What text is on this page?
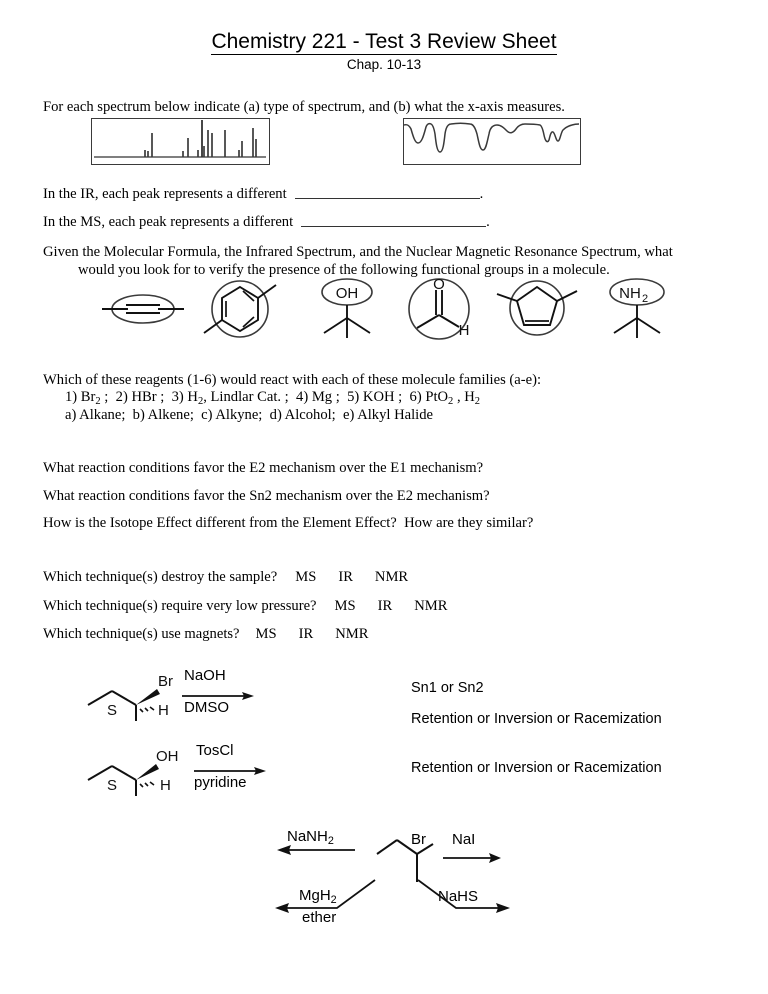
Chemistry 221 - Test 3 Review Sheet
Chap. 10-13
For each spectrum below indicate (a) type of spectrum, and (b) what the x-axis measures.
In the IR, each peak represents a different	.
In the MS, each peak represents a different	.
Given the Molecular Formula, the Infrared Spectrum, and the Nuclear Magnetic Resonance Spectrum, what
would you look for to verify the presence of the following functional groups in a molecule.
OH
O
H
NH 2
Which of these reagents (1-6) would react with each of these molecule families (a-e):
1) $Br_2$ ;  2) HBr ;  3) $H_2$, Lindlar Cat. ;  4) Mg ;  5) KOH ;  6) PtO$_2$ , $H_2$
a) Alkane;  b) Alkene;  c) Alkyne;  d) Alcohol;  e) Alkyl Halide
What reaction conditions favor the E2 mechanism over the E1 mechanism?
What reaction conditions favor the Sn2 mechanism over the E2 mechanism?
How is the Isotope Effect different from the Element Effect?  How are they similar?
Which technique(s) destroy the sample? MS IR NMR
Which technique(s) require very low pressure? MS IR NMR
Which technique(s) use magnets? MS IR NMR
Br
H
S
NaOH
DMSO
Sn1 or Sn2
Retention or Inversion or Racemization
OH
H
S
TosCl
pyridine
Retention or Inversion or Racemization
Br
NaNH$_2$	NaI
MgH$_2$
ether
NaHS
